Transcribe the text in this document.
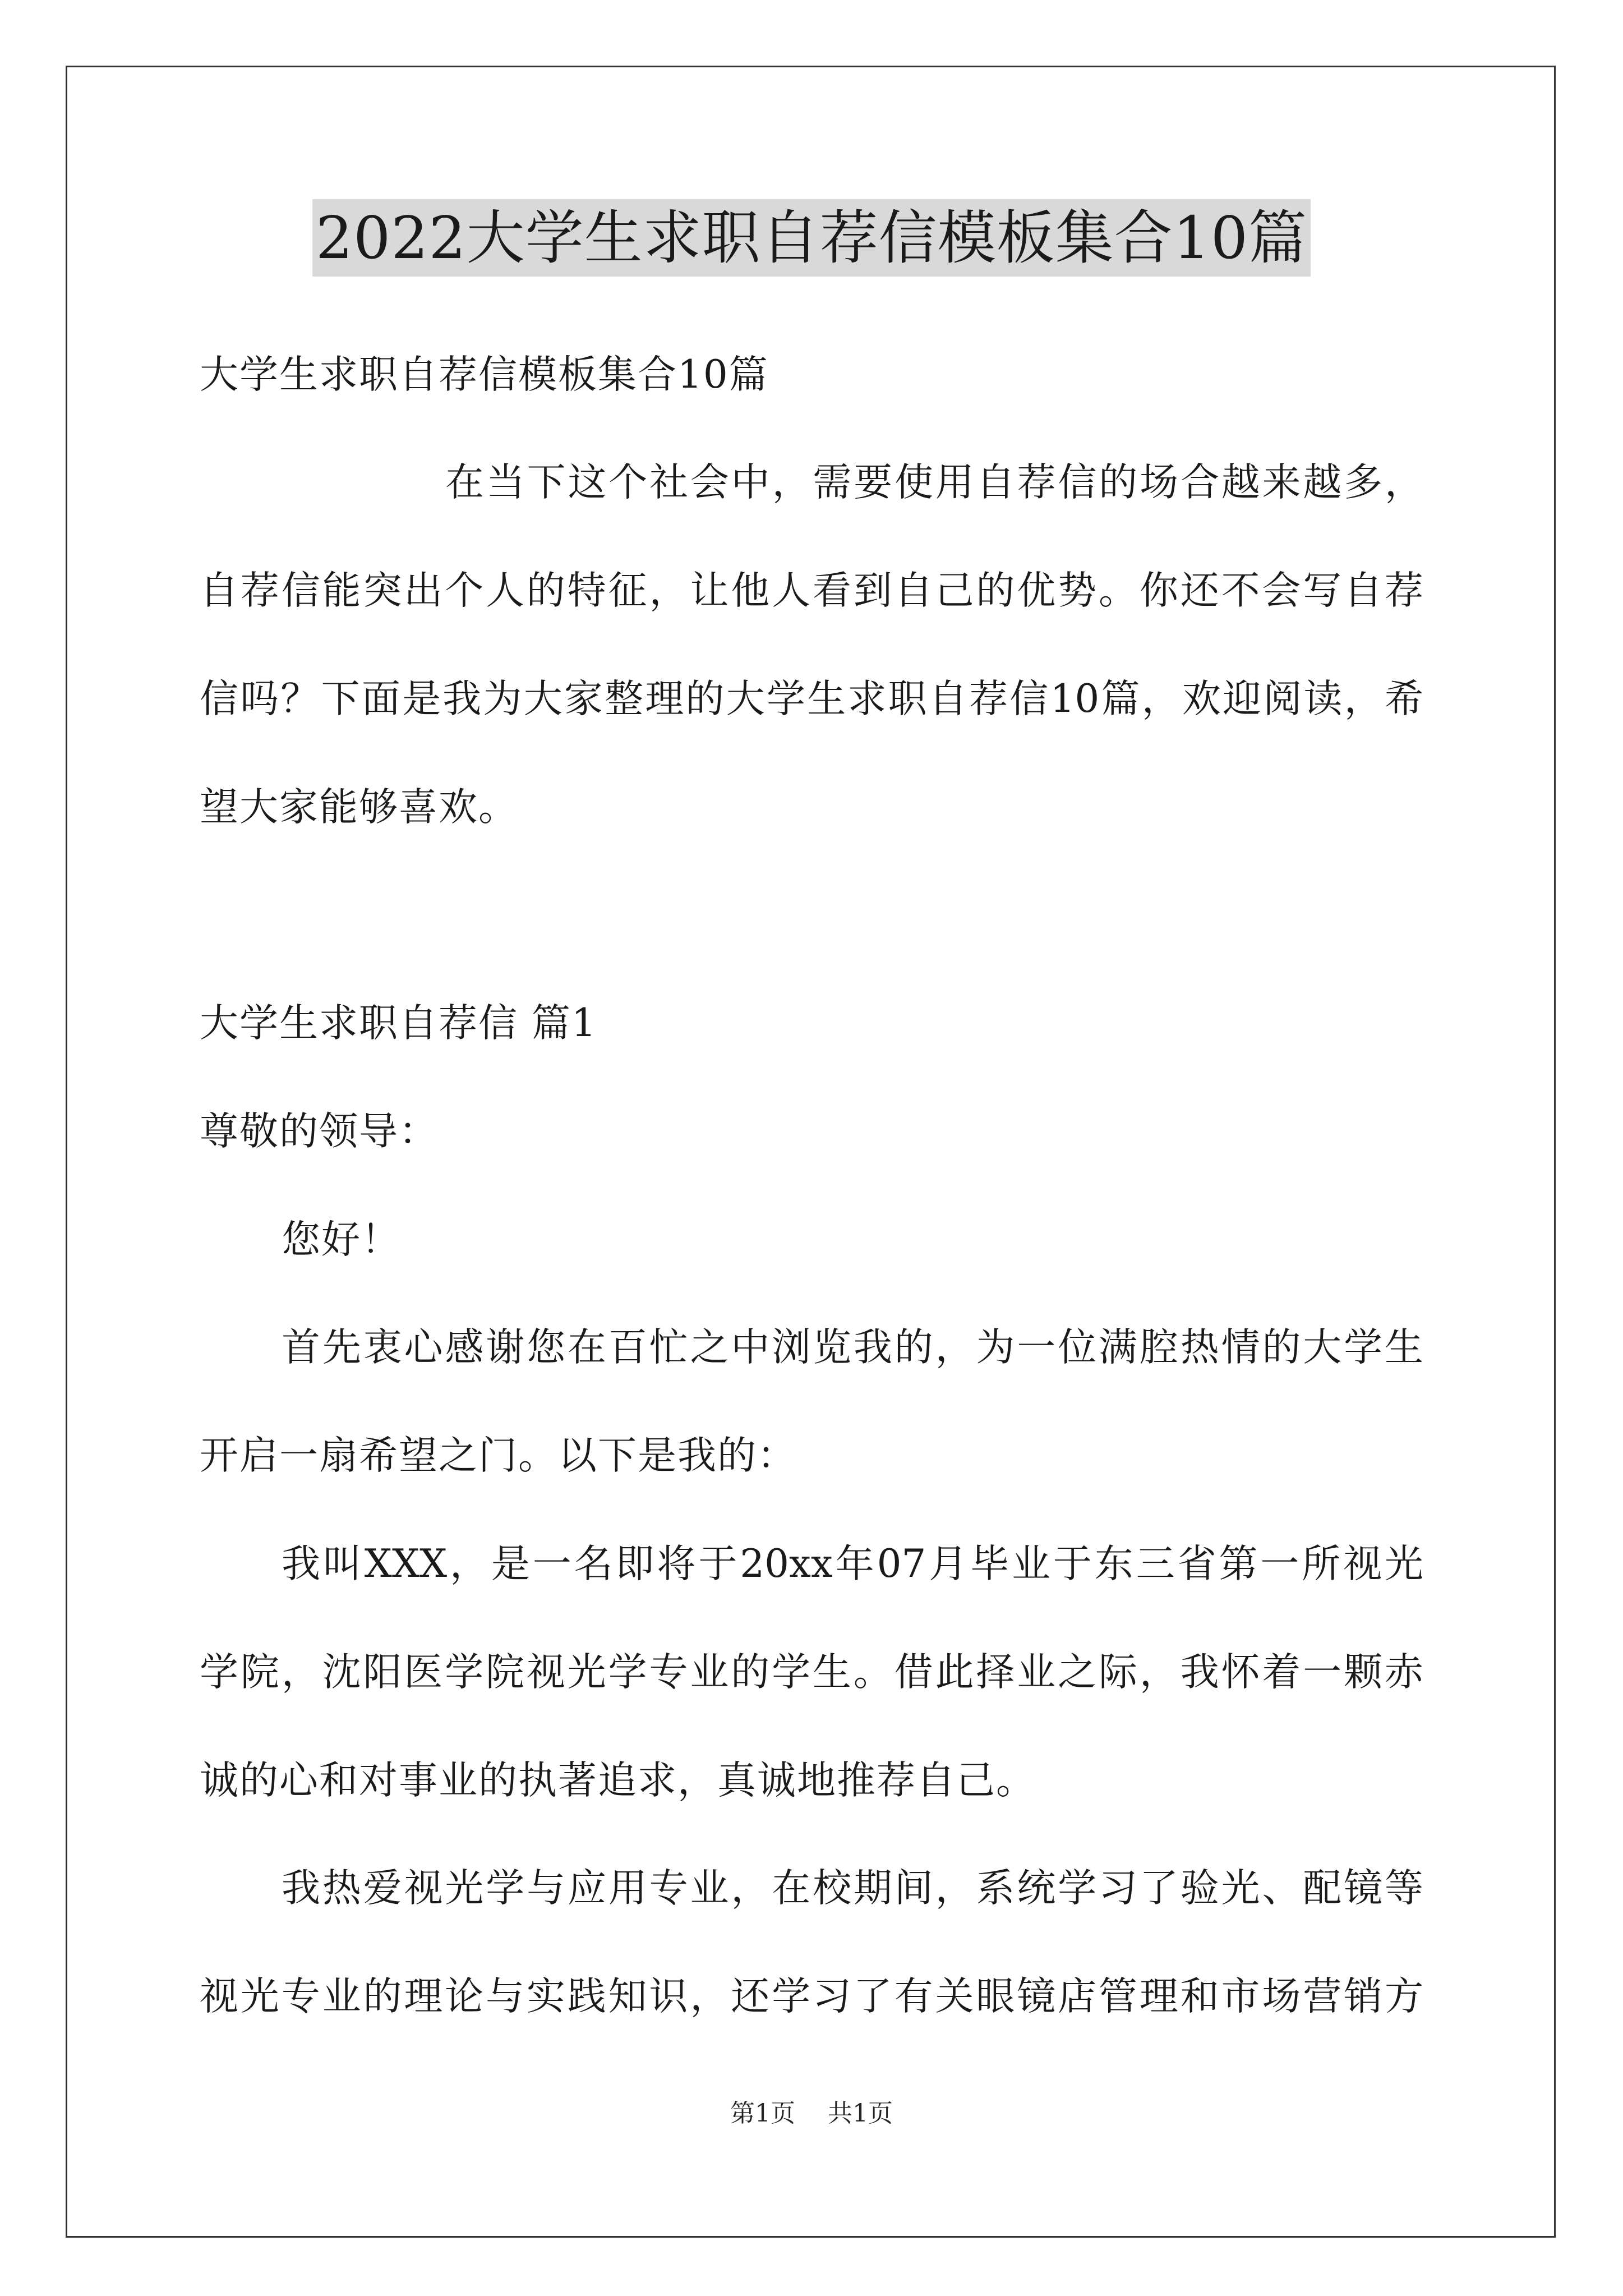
2022大学生求职自荐信模板集合10篇
大学生求职自荐信模板集合10篇
在当下这个社会中，需要使用自荐信的场合越来越多，
自荐信能突出个人的特征，让他人看到自己的优势。你还不会写自荐
信吗？下面是我为大家整理的大学生求职自荐信10篇，欢迎阅读，希
望大家能够喜欢。
大学生求职自荐信 篇1
尊敬的领导：
您好！
首先衷心感谢您在百忙之中浏览我的，为一位满腔热情的大学生
开启一扇希望之门。以下是我的：
我叫XXX，是一名即将于20xx年07月毕业于东三省第一所视光
学院，沈阳医学院视光学专业的学生。借此择业之际，我怀着一颗赤
诚的心和对事业的执著追求，真诚地推荐自己。
我热爱视光学与应用专业，在校期间，系统学习了验光、配镜等
视光专业的理论与实践知识，还学习了有关眼镜店管理和市场营销方
第1页 共1页
